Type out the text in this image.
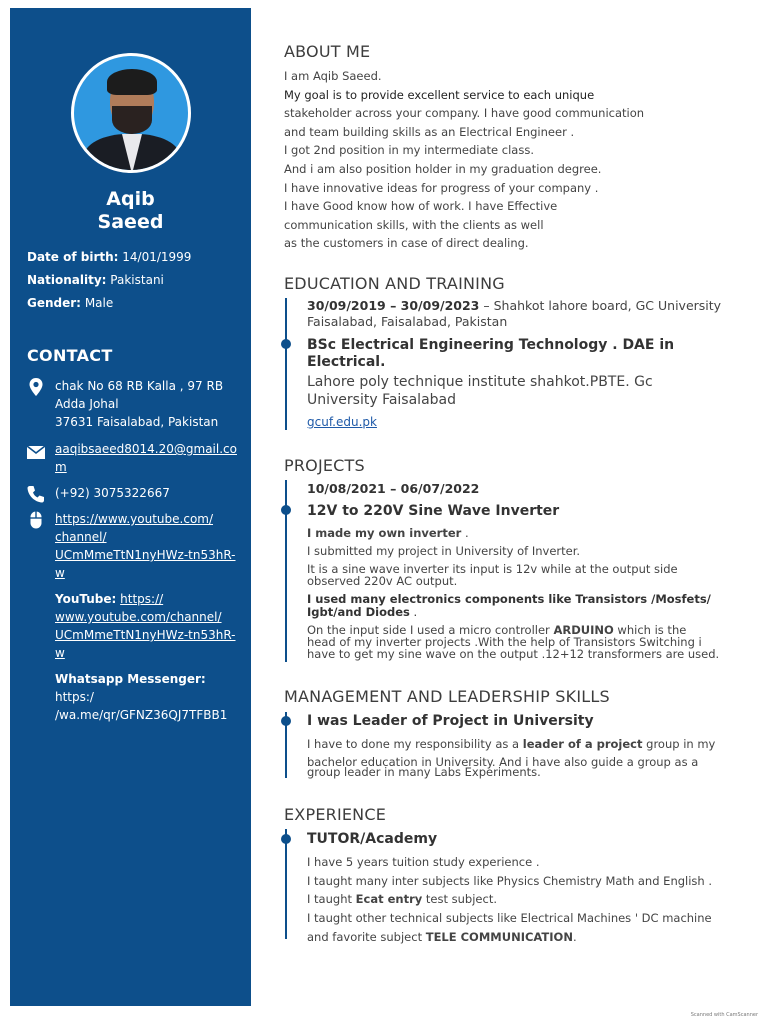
Aqib
Saeed
Date of birth: 14/01/1999
Nationality: Pakistani
Gender: Male
CONTACT
chak No 68 RB Kalla , 97 RB
Adda Johal
37631 Faisalabad, Pakistan
aaqibsaeed8014.20@gmail.co
m
(+92) 3075322667
https://www.youtube.com/
channel/
UCmMmeTtN1nyHWz-tn53hR-
w
YouTube: https://
www.youtube.com/channel/
UCmMmeTtN1nyHWz-tn53hR-
w
Whatsapp Messenger: https:/
/wa.me/qr/GFNZ36QJ7TFBB1
ABOUT ME
I am Aqib Saeed.
My goal is to provide excellent service to each unique
stakeholder across your company. I have good communication
and team building skills as an Electrical Engineer .
I got 2nd position in my intermediate class.
And i am also position holder in my graduation degree.
I have innovative ideas for progress of your company .
I have Good know how of work. I have Effective
communication skills, with the clients as well
as the customers in case of direct dealing.
EDUCATION AND TRAINING
30/09/2019 – 30/09/2023 – Shahkot lahore board, GC University
Faisalabad, Faisalabad, Pakistan
BSc Electrical Engineering Technology . DAE in
Electrical.
Lahore poly technique institute shahkot.PBTE. Gc
University Faisalabad
gcuf.edu.pk
PROJECTS
10/08/2021 – 06/07/2022
12V to 220V Sine Wave Inverter
I made my own inverter .
I submitted my project in University of Inverter.
It is a sine wave inverter its input is 12v while at the output side
observed 220v AC output.
I used many electronics components like Transistors /Mosfets/
Igbt/and Diodes .
On the input side I used a micro controller ARDUINO which is the
head of my inverter projects .With the help of Transistors Switching i
have to get my sine wave on the output .12+12 transformers are used.
MANAGEMENT AND LEADERSHIP SKILLS
I was Leader of Project in University
I have to done my responsibility as a leader of a project group in my
bachelor education in University. And i have also guide a group as a
group leader in many Labs Experiments.
EXPERIENCE
TUTOR/Academy
I have 5 years tuition study experience .
I taught many inter subjects like Physics Chemistry Math and English .
I taught Ecat entry test subject.
I taught other technical subjects like Electrical Machines ' DC machine
and favorite subject TELE COMMUNICATION.
Scanned with CamScanner
